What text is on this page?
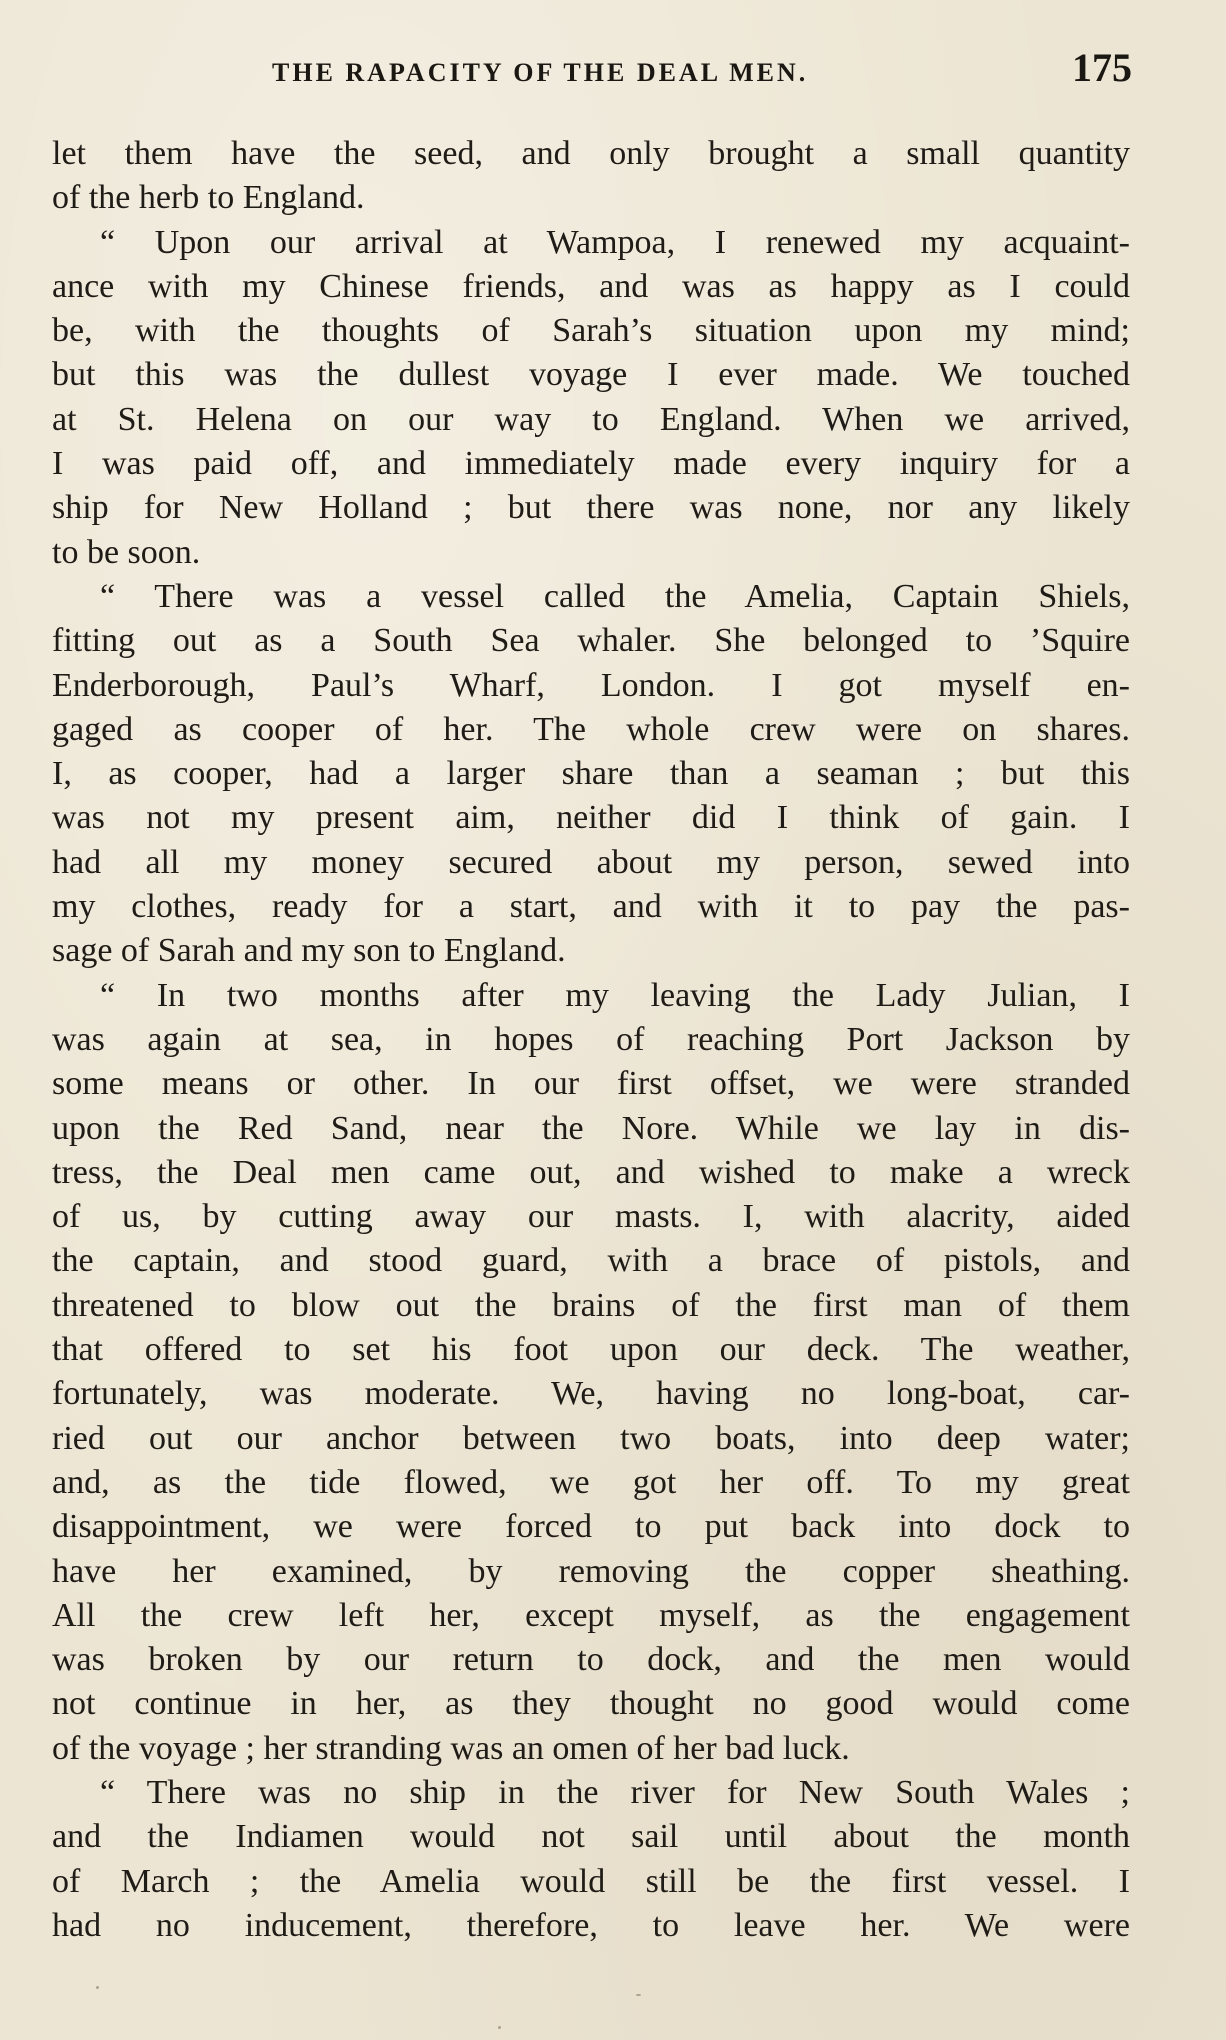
THE RAPACITY OF THE DEAL MEN.	175
let them have the seed, and only brought a small quantity
of the herb to England.
“ Upon our arrival at Wampoa, I renewed my acquaint-
ance with my Chinese friends, and was as happy as I could
be, with the thoughts of Sarah’s situation upon my mind;
but this was the dullest voyage I ever made. We touched
at St. Helena on our way to England. When we arrived,
I was paid off, and immediately made every inquiry for a
ship for New Holland ; but there was none, nor any likely
to be soon.
“ There was a vessel called the Amelia, Captain Shiels,
fitting out as a South Sea whaler. She belonged to ’Squire
Enderborough, Paul’s Wharf, London. I got myself en-
gaged as cooper of her. The whole crew were on shares.
I, as cooper, had a larger share than a seaman ; but this
was not my present aim, neither did I think of gain. I
had all my money secured about my person, sewed into
my clothes, ready for a start, and with it to pay the pas-
sage of Sarah and my son to England.
“ In two months after my leaving the Lady Julian, I
was again at sea, in hopes of reaching Port Jackson by
some means or other. In our first offset, we were stranded
upon the Red Sand, near the Nore. While we lay in dis-
tress, the Deal men came out, and wished to make a wreck
of us, by cutting away our masts. I, with alacrity, aided
the captain, and stood guard, with a brace of pistols, and
threatened to blow out the brains of the first man of them
that offered to set his foot upon our deck. The weather,
fortunately, was moderate. We, having no long-boat, car-
ried out our anchor between two boats, into deep water;
and, as the tide flowed, we got her off. To my great
disappointment, we were forced to put back into dock to
have her examined, by removing the copper sheathing.
All the crew left her, except myself, as the engagement
was broken by our return to dock, and the men would
not continue in her, as they thought no good would come
of the voyage ; her stranding was an omen of her bad luck.
“ There was no ship in the river for New South Wales ;
and the Indiamen would not sail until about the month
of March ; the Amelia would still be the first vessel. I
had no inducement, therefore, to leave her. We were
